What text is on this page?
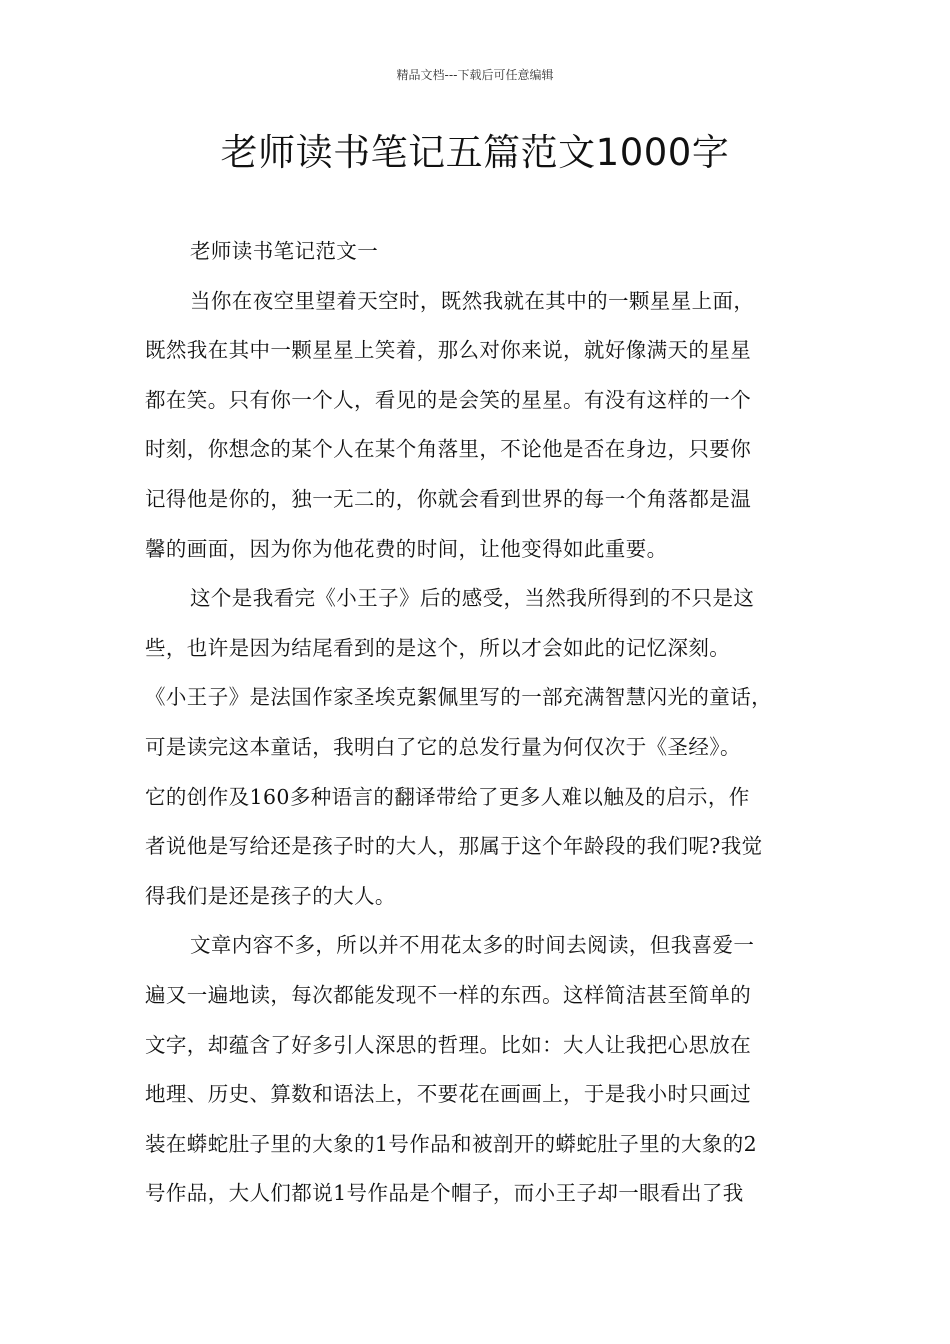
精品文档---下载后可任意编辑
老师读书笔记五篇范文1000字
老师读书笔记范文一
当你在夜空里望着天空时，既然我就在其中的一颗星星上面，
既然我在其中一颗星星上笑着，那么对你来说，就好像满天的星星
都在笑。只有你一个人，看见的是会笑的星星。有没有这样的一个
时刻，你想念的某个人在某个角落里，不论他是否在身边，只要你
记得他是你的，独一无二的，你就会看到世界的每一个角落都是温
馨的画面，因为你为他花费的时间，让他变得如此重要。
这个是我看完《小王子》后的感受，当然我所得到的不只是这
些，也许是因为结尾看到的是这个，所以才会如此的记忆深刻。
《小王子》是法国作家圣埃克絮佩里写的一部充满智慧闪光的童话，
可是读完这本童话，我明白了它的总发行量为何仅次于《圣经》。
它的创作及160多种语言的翻译带给了更多人难以触及的启示，作
者说他是写给还是孩子时的大人，那属于这个年龄段的我们呢?我觉
得我们是还是孩子的大人。
文章内容不多，所以并不用花太多的时间去阅读，但我喜爱一
遍又一遍地读，每次都能发现不一样的东西。这样简洁甚至简单的
文字，却蕴含了好多引人深思的哲理。比如：大人让我把心思放在
地理、历史、算数和语法上，不要花在画画上，于是我小时只画过
装在蟒蛇肚子里的大象的1号作品和被剖开的蟒蛇肚子里的大象的2
号作品，大人们都说1号作品是个帽子，而小王子却一眼看出了我
